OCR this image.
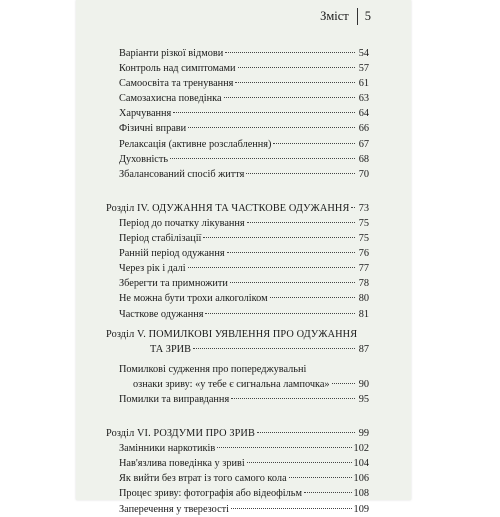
Зміст 5
Варіанти різкої відмови	54
Контроль над симптомами	57
Самоосвіта та тренування	61
Самозахисна поведінка	63
Харчування	64
Фізичні вправи	66
Релаксація (активне розслаблення)	67
Духовність	68
Збалансований спосіб життя	70
Розділ IV. ОДУЖАННЯ ТА ЧАСТКОВЕ ОДУЖАННЯ 73
Період до початку лікування	75
Період стабілізації	75
Ранній період одужання	76
Через рік і далі	77
Зберегти та примножити	78
Не можна бути трохи алкоголіком	80
Часткове одужання	81
Розділ V. ПОМИЛКОВІ УЯВЛЕННЯ ПРО ОДУЖАННЯ
ТА ЗРИВ	87
Помилкові судження про попереджувальні
ознаки зриву: «у тебе є сигнальна лампочка»	90
Помилки та виправдання	95
Розділ VI. РОЗДУМИ ПРО ЗРИВ	99
Замінники наркотиків	102
Нав'язлива поведінка у зриві	104
Як вийти без втрат із того самого кола	106
Процес зриву: фотографія або відеофільм	108
Заперечення у тверезості	109
